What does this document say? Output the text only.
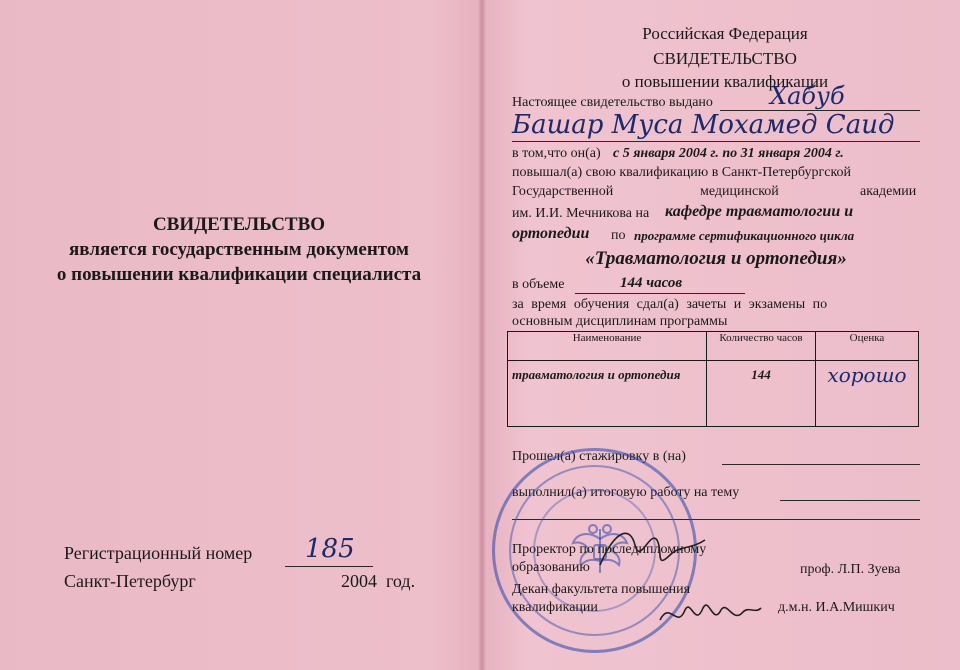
СВИДЕТЕЛЬСТВО
является государственным документом
о повышении квалификации специалиста
Регистрационный номер 185
Санкт-Петербург	2004 год.
Российская Федерация
СВИДЕТЕЛЬСТВО
о повышении квалификации
Настоящее свидетельство выдано Хабуб
Башар Муса Мохамед Саид
в том,что он(а) с 5 января 2004 г. по 31 января 2004 г.
повышал(а) свою квалификацию в Санкт-Петербургской
Государственной	медицинской	академии
им. И.И. Мечникова на кафедре травматологии и
ортопедии по программе сертификационного цикла
«Травматология и ортопедия»
в объеме	144 часов
за время обучения сдал(а) зачеты и экзамены по
основным дисциплинам программы
Наименование	Количество часов	Оценка
травматология и ортопедия	144	хорошо
Прошел(а) стажировку в (на)
выполнил(а) итоговую работу на тему
Проректор по последипломному
образованию	проф. Л.П. Зуева
Декан факультета повышения
квалификации	д.м.н. И.А.Мишкич
